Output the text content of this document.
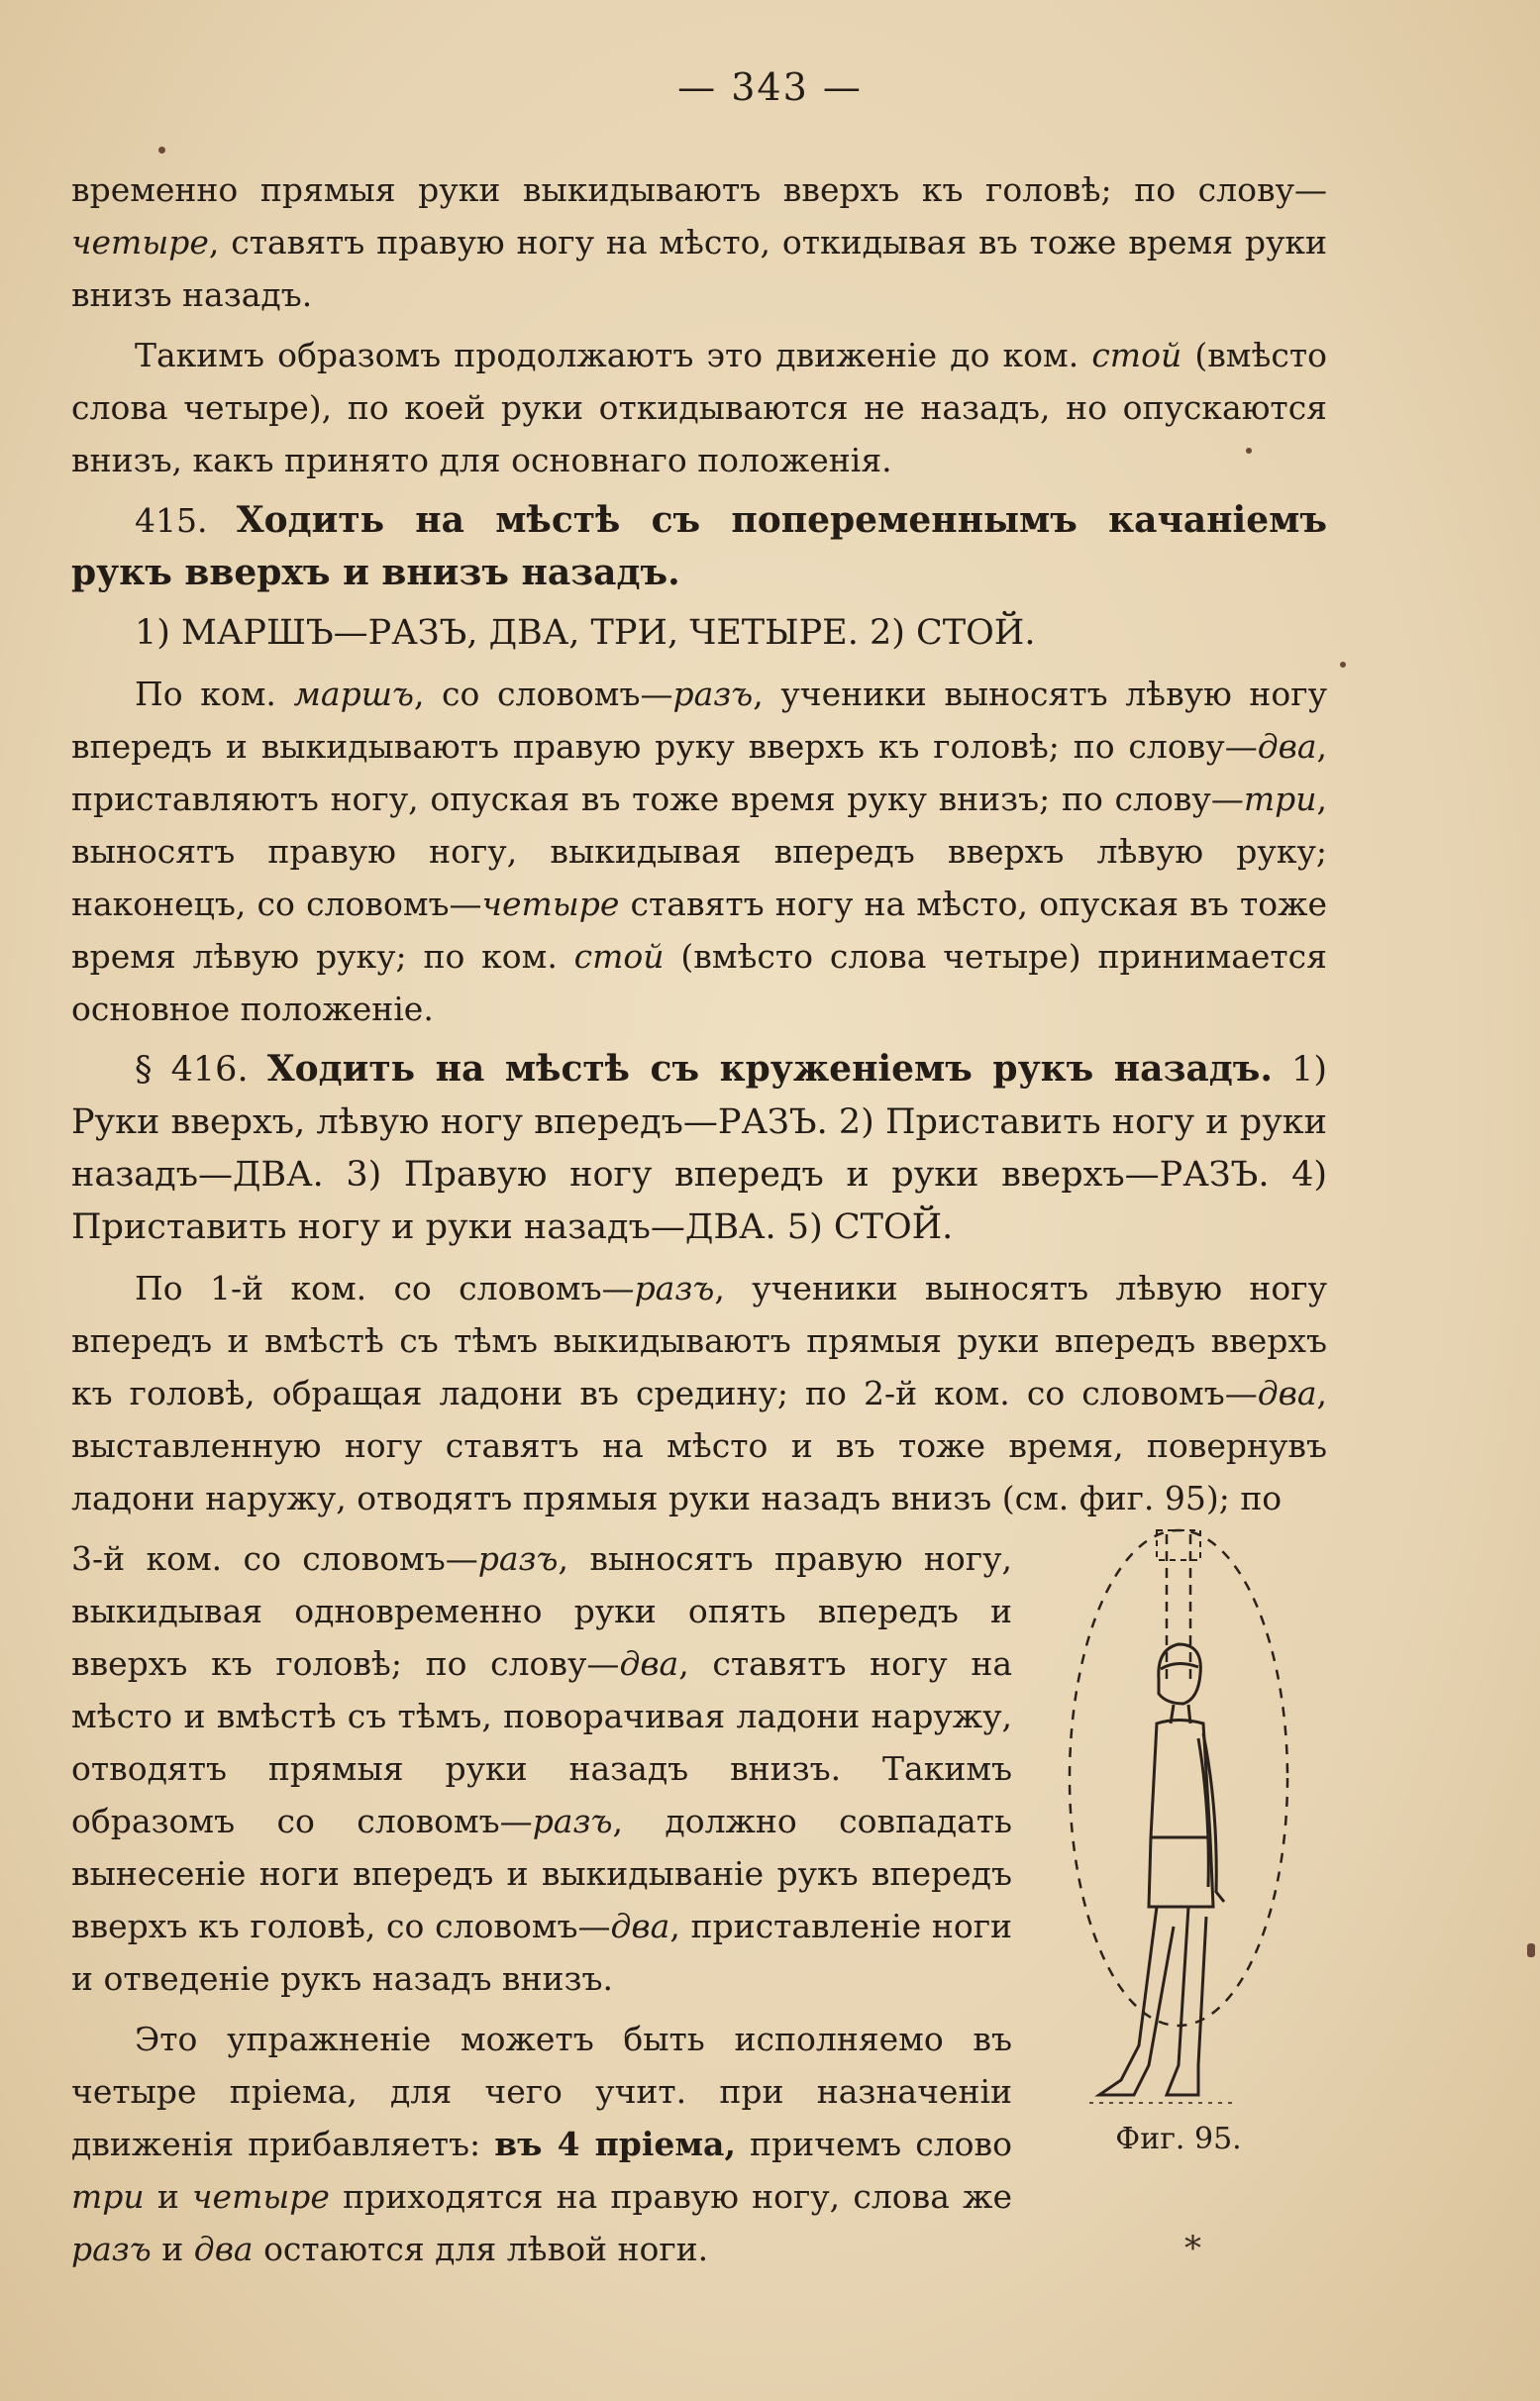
— 343 —

временно прямыя руки выкидываютъ вверхъ къ головѣ; по слову—четыре, ставятъ правую ногу на мѣсто, откидывая въ тоже время руки внизъ назадъ.

Такимъ образомъ продолжаютъ это движеніе до ком. стой (вмѣсто слова четыре), по коей руки откидываются не назадъ, но опускаются внизъ, какъ принято для основнаго положенія.

415. Ходить на мѣстѣ съ попеременнымъ качаніемъ рукъ вверхъ и внизъ назадъ.

1) МАРШЪ—РАЗЪ, ДВА, ТРИ, ЧЕТЫРЕ. 2) СТОЙ.

По ком. маршъ, со словомъ—разъ, ученики выносятъ лѣвую ногу впередъ и выкидываютъ правую руку вверхъ къ головѣ; по слову—два, приставляютъ ногу, опуская въ тоже время руку внизъ; по слову—три, выносятъ правую ногу, выкидывая впередъ вверхъ лѣвую руку; наконецъ, со словомъ—четыре ставятъ ногу на мѣсто, опуская въ тоже время лѣвую руку; по ком. стой (вмѣсто слова четыре) принимается основное положеніе.

§ 416. Ходить на мѣстѣ съ круженіемъ рукъ назадъ. 1) Руки вверхъ, лѣвую ногу впередъ—РАЗЪ. 2) Приставить ногу и руки назадъ—ДВА. 3) Правую ногу впередъ и руки вверхъ—РАЗЪ. 4) Приставить ногу и руки назадъ—ДВА. 5) СТОЙ.

По 1-й ком. со словомъ—разъ, ученики выносятъ лѣвую ногу впередъ и вмѣстѣ съ тѣмъ выкидываютъ прямыя руки впередъ вверхъ къ головѣ, обращая ладони въ средину; по 2-й ком. со словомъ—два, выставленную ногу ставятъ на мѣсто и въ тоже время, повернувъ ладони наружу, отводятъ прямыя руки назадъ внизъ (см. фиг. 95); по

3-й ком. со словомъ—разъ, выносятъ правую ногу, выкидывая одновременно руки опять впередъ и вверхъ къ головѣ; по слову—два, ставятъ ногу на мѣсто и вмѣстѣ съ тѣмъ, поворачивая ладони наружу, отводятъ прямыя руки назадъ внизъ. Такимъ образомъ со словомъ—разъ, должно совпадать вынесеніе ноги впередъ и выкидываніе рукъ впередъ вверхъ къ головѣ, со словомъ—два, приставленіе ноги и отведеніе рукъ назадъ внизъ.

Это упражненіе можетъ быть исполняемо въ четыре пріема, для чего учит. при назначеніи движенія прибавляетъ: въ 4 пріема, причемъ слово три и четыре приходятся на правую ногу, слова же разъ и два остаются для лѣвой ноги.

Фиг. 95.
*
